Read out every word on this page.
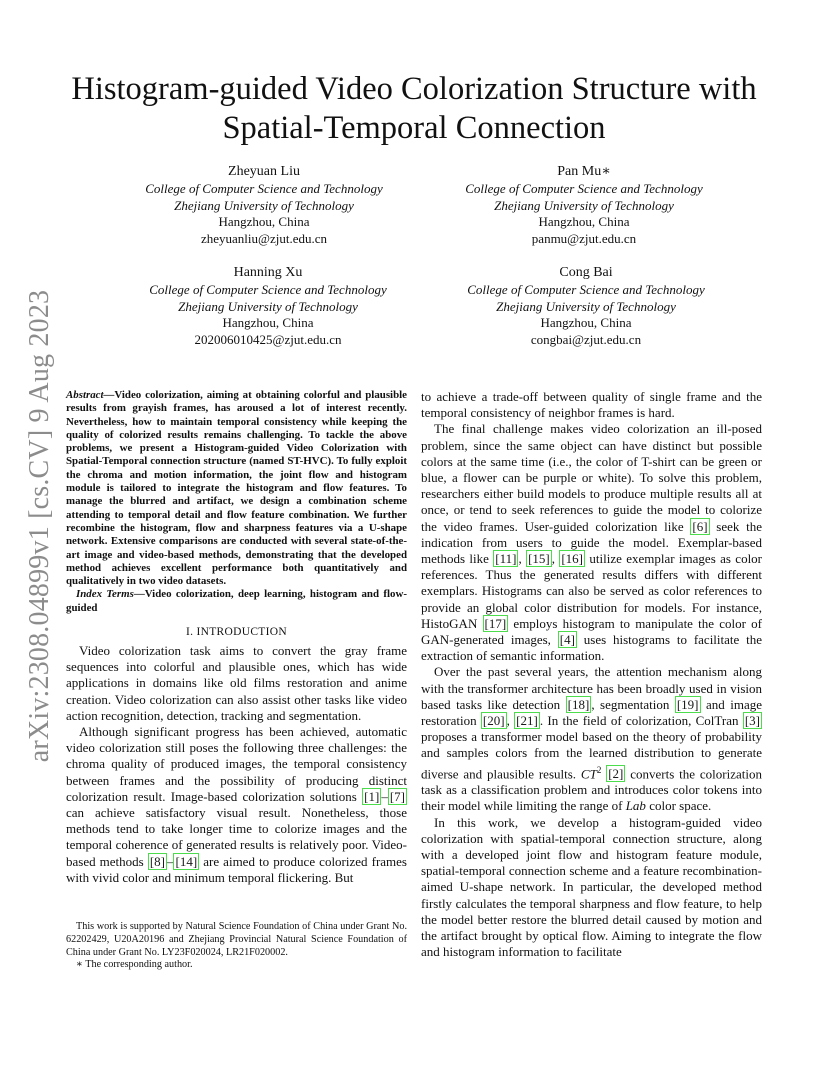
Histogram-guided Video Colorization Structure with Spatial-Temporal Connection
Zheyuan Liu
College of Computer Science and Technology
Zhejiang University of Technology
Hangzhou, China
zheyuanliu@zjut.edu.cn
Pan Mu∗
College of Computer Science and Technology
Zhejiang University of Technology
Hangzhou, China
panmu@zjut.edu.cn
Hanning Xu
College of Computer Science and Technology
Zhejiang University of Technology
Hangzhou, China
202006010425@zjut.edu.cn
Cong Bai
College of Computer Science and Technology
Zhejiang University of Technology
Hangzhou, China
congbai@zjut.edu.cn
arXiv:2308.04899v1 [cs.CV] 9 Aug 2023 Abstract—Video colorization, aiming at obtaining colorful and plausible results from grayish frames, has aroused a lot of interest recently. Nevertheless, how to maintain temporal consistency while keeping the quality of colorized results remains challenging. To tackle the above problems, we present a Histogram-guided Video Colorization with Spatial-Temporal connection structure (named ST-HVC). To fully exploit the chroma and motion information, the joint flow and histogram module is tailored to integrate the histogram and flow features. To manage the blurred and artifact, we design a combination scheme attending to temporal detail and flow feature combination. We further recombine the histogram, flow and sharpness features via a U-shape network. Extensive comparisons are conducted with several state-of-the-art image and video-based methods, demonstrating that the developed method achieves excellent performance both quantitatively and qualitatively in two video datasets.

Index Terms—Video colorization, deep learning, histogram and flow-guided

I. INTRODUCTION

Video colorization task aims to convert the gray frame sequences into colorful and plausible ones, which has wide applications in domains like old films restoration and anime creation. Video colorization can also assist other tasks like video action recognition, detection, tracking and segmentation.

Although significant progress has been achieved, automatic video colorization still poses the following three challenges: the chroma quality of produced images, the temporal consistency between frames and the possibility of producing distinct colorization result. Image-based colorization solutions [1] – [7] can achieve satisfactory visual result. Nonetheless, those methods tend to take longer time to colorize images and the temporal coherence of generated results is relatively poor. Video-based methods [8] – [14] are aimed to produce colorized frames with vivid color and minimum temporal flickering. But

This work is supported by Natural Science Foundation of China under Grant No. 62202429, U20A20196 and Zhejiang Provincial Natural Science Foundation of China under Grant No. LY23F020024, LR21F020002.

∗ The corresponding author.

to achieve a trade-off between quality of single frame and the temporal consistency of neighbor frames is hard.

The final challenge makes video colorization an ill-posed problem, since the same object can have distinct but possible colors at the same time (i.e., the color of T-shirt can be green or blue, a flower can be purple or white). To solve this problem, researchers either build models to produce multiple results all at once, or tend to seek references to guide the model to colorize the video frames. User-guided colorization like [6] seek the indication from users to guide the model. Exemplar-based methods like [11] , [15] , [16] utilize exemplar images as color references. Thus the generated results differs with different exemplars. Histograms can also be served as color references to provide an global color distribution for models. For instance, HistoGAN [17] employs histogram to manipulate the color of GAN-generated images, [4] uses histograms to facilitate the extraction of semantic information.

Over the past several years, the attention mechanism along with the transformer architecture has been broadly used in vision based tasks like detection [18] , segmentation [19] and image restoration [20] , [21] . In the field of colorization, ColTran [3] proposes a transformer model based on the theory of probability and samples colors from the learned distribution to generate diverse and plausible results. $CT^2$ [2] converts the colorization task as a classification problem and introduces color tokens into their model while limiting the range of Lab color space.

In this work, we develop a histogram-guided video colorization with spatial-temporal connection structure, along with a developed joint flow and histogram feature module, spatial-temporal connection scheme and a feature recombination-aimed U-shape network. In particular, the developed method firstly calculates the temporal sharpness and flow feature, to help the model better restore the blurred detail caused by motion and the artifact brought by optical flow. Aiming to integrate the flow and histogram information to facilitate
